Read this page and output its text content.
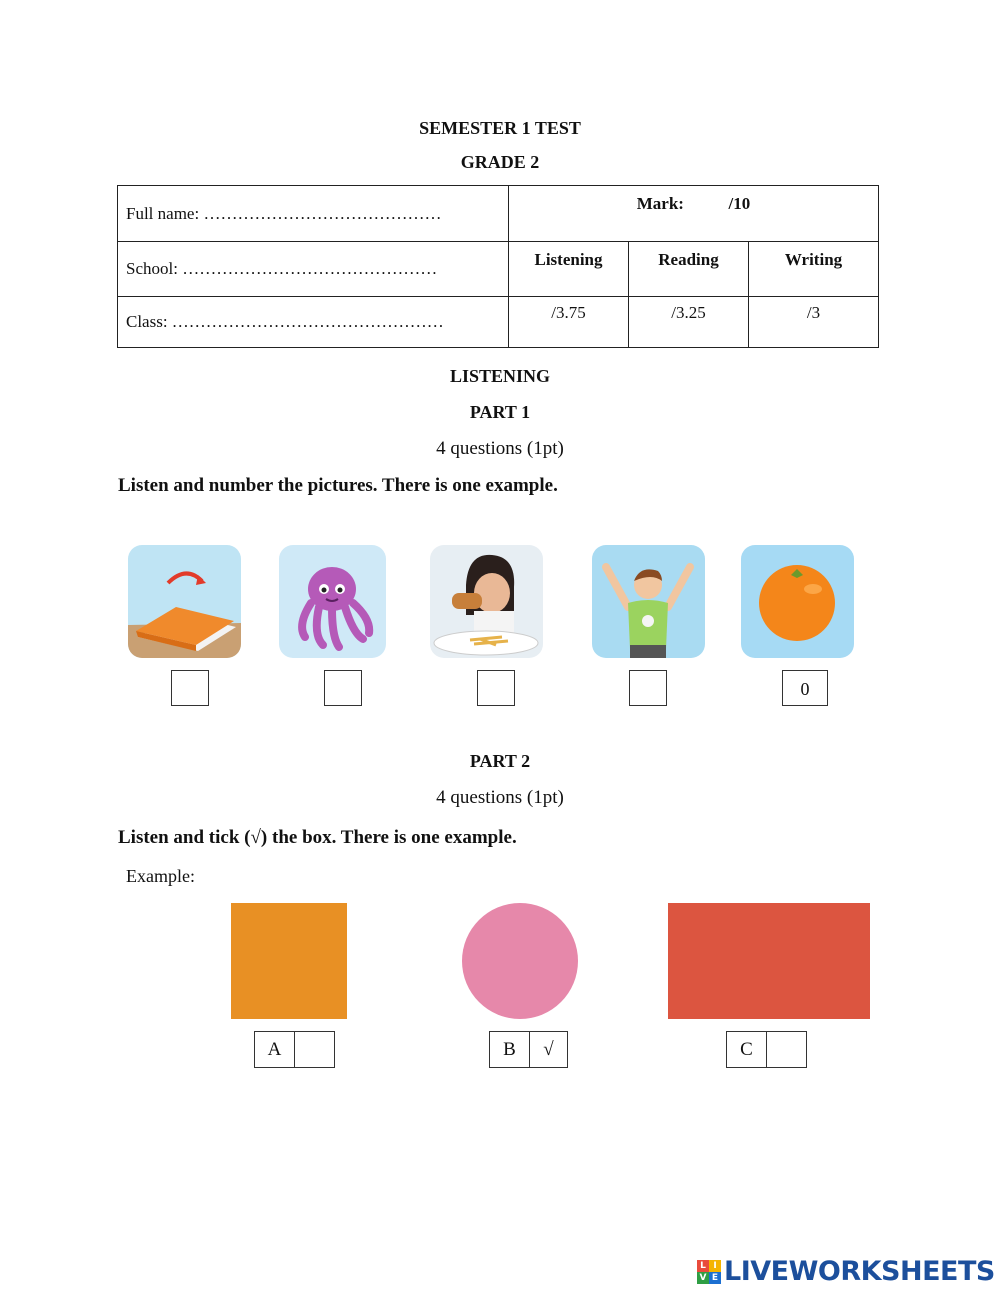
SEMESTER 1 TEST
GRADE 2
Full name: ……………………………………	Mark: /10		
School: ………………………………………	Listening	Reading	Writing
Class: …………………………………………	/3.75	/3.25	/3
LISTENING
PART 1
4 questions (1pt)
Listen and number the pictures. There is one example.
0
PART 2
4 questions (1pt)
Listen and tick (√) the box. There is one example.
Example:
A	B	√	C
L I
V E LIVEWORKSHEETS
